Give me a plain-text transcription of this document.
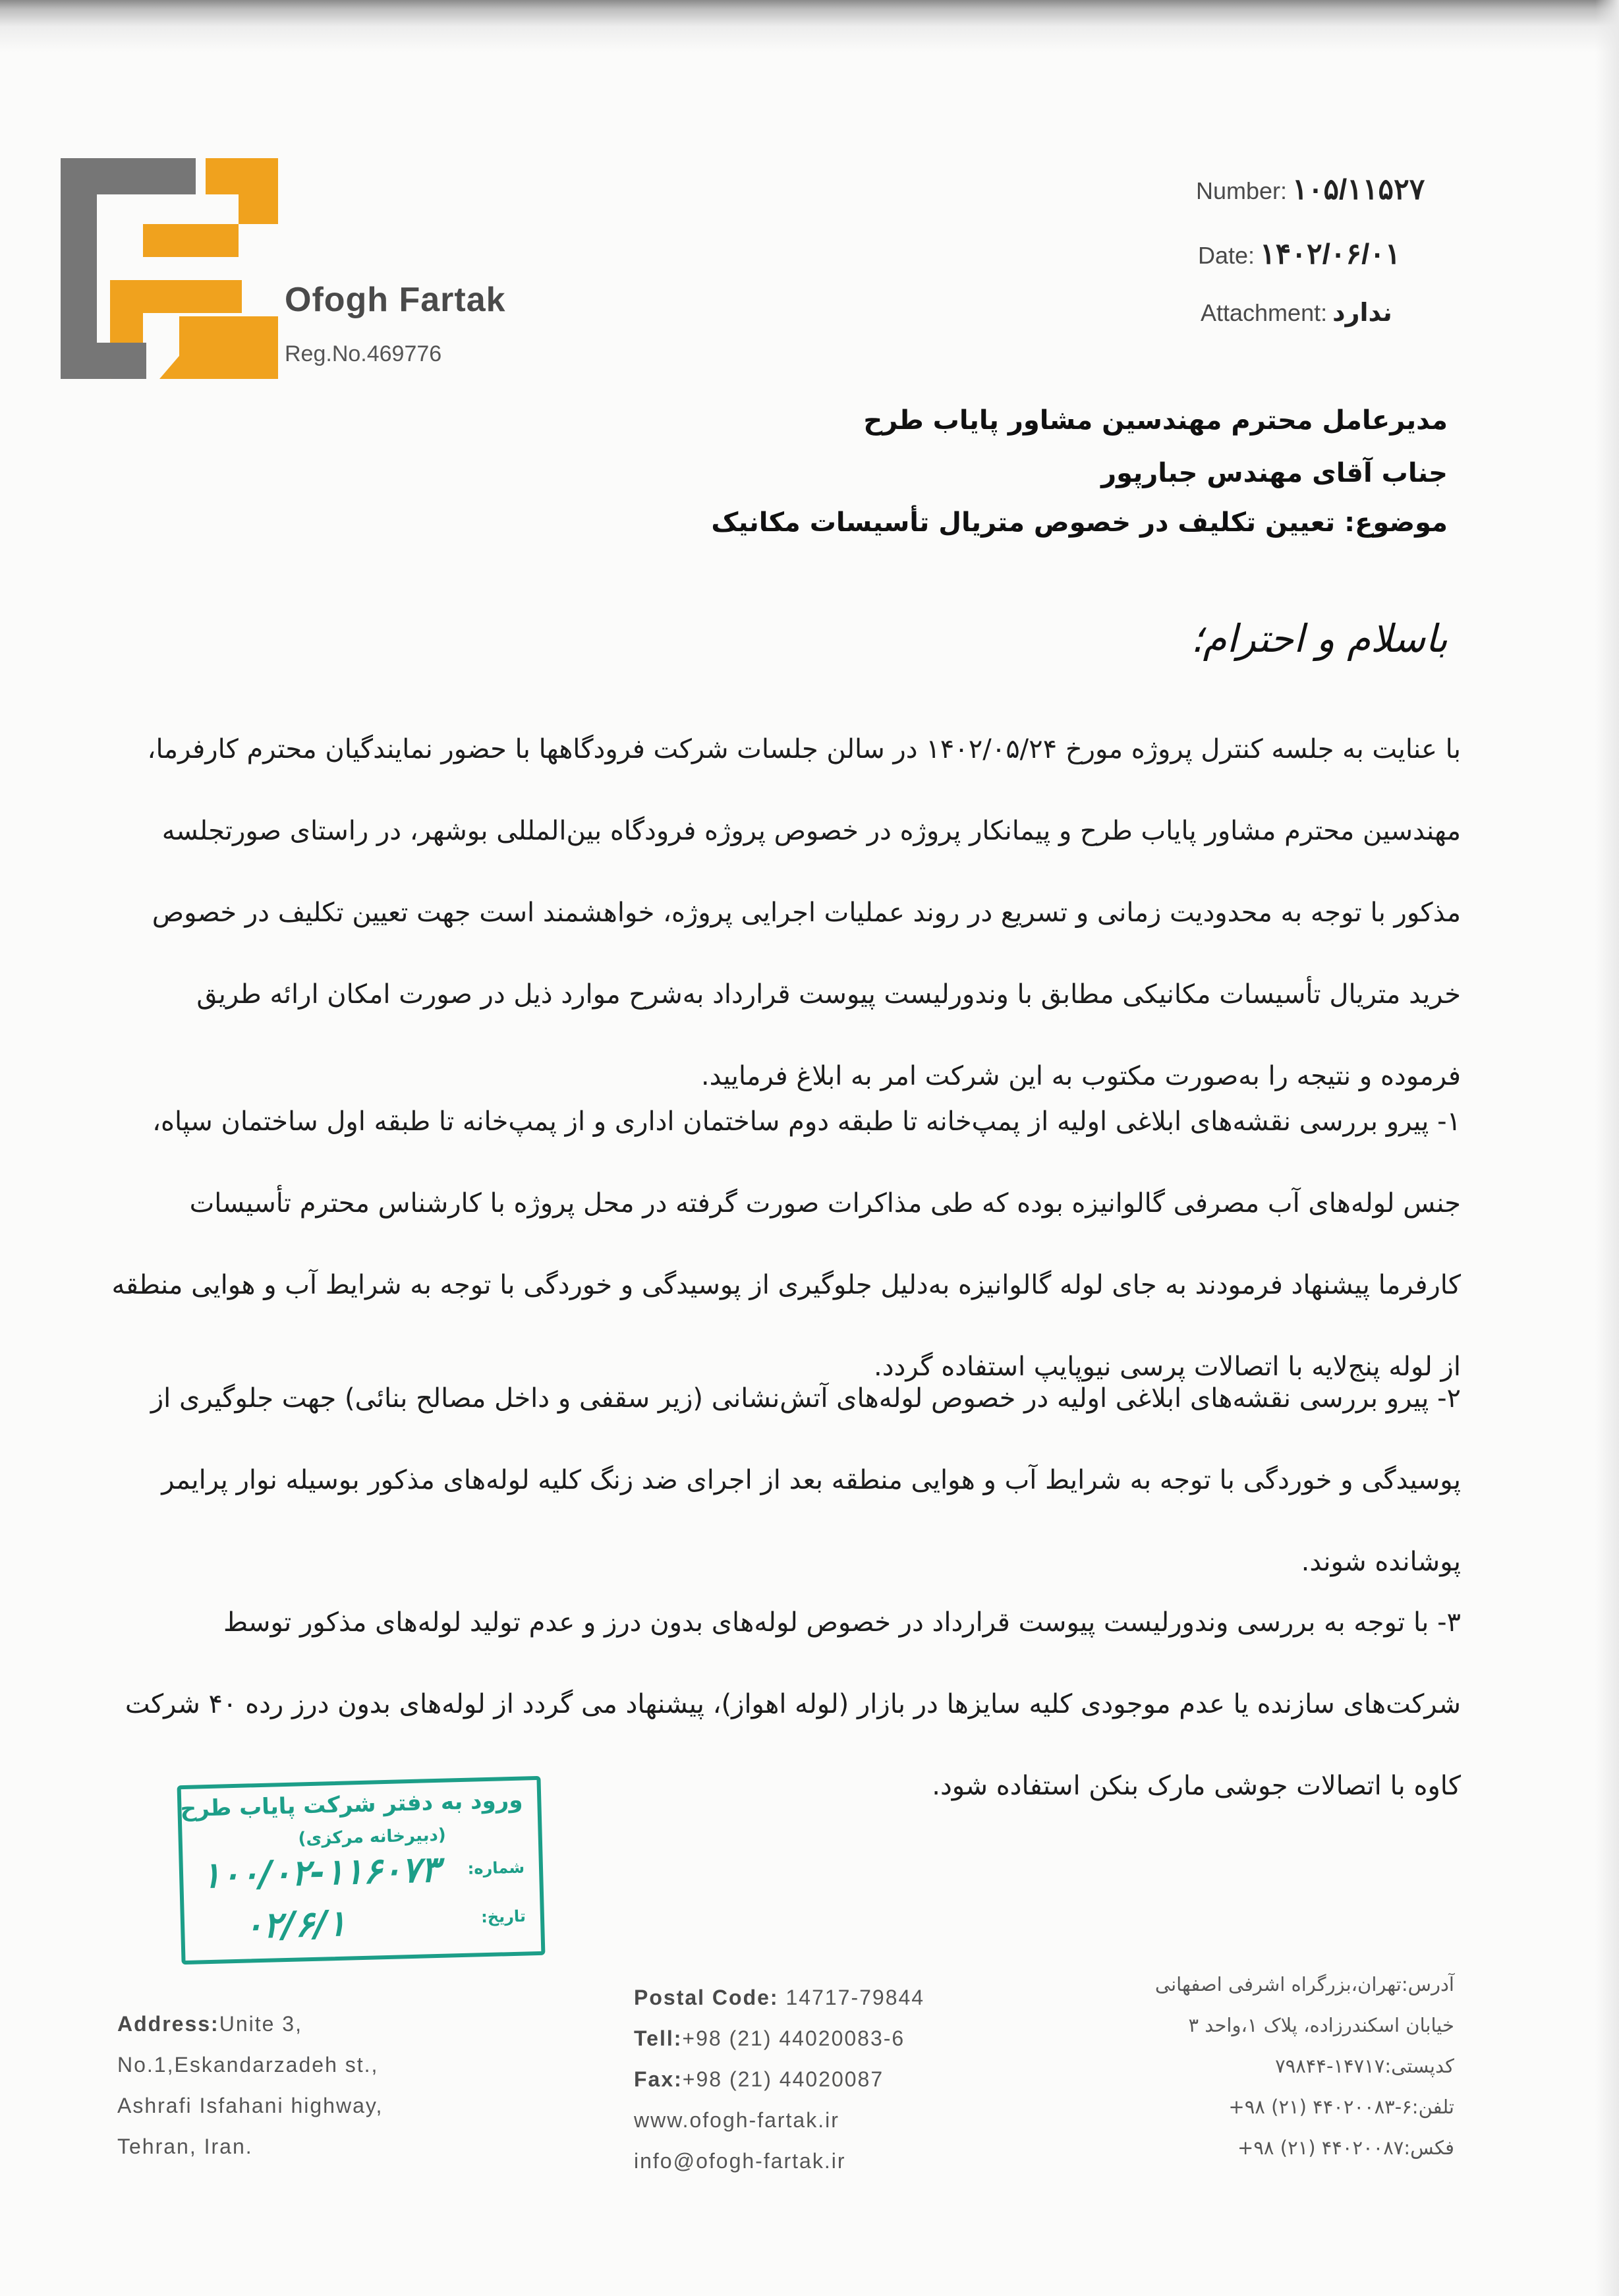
Ofogh Fartak
Reg.No.469776
Number: ۱۰۵/۱۱۵۲۷
Date: ۱۴۰۲/۰۶/۰۱
Attachment: ندارد
مدیرعامل محترم مهندسین مشاور پایاب طرح
جناب آقای مهندس جبارپور
موضوع: تعیین تکلیف در خصوص متریال تأسیسات مکانیک
باسلام و احترام؛
با عنایت به جلسه کنترل پروژه مورخ ۱۴۰۲/۰۵/۲۴ در سالن جلسات شرکت فرودگاهها با حضور نمایندگیان محترم کارفرما، مهندسین محترم مشاور پایاب طرح و پیمانکار پروژه در خصوص پروژه فرودگاه بین‌المللی بوشهر، در راستای صورتجلسه مذکور با توجه به محدودیت زمانی و تسریع در روند عملیات اجرایی پروژه، خواهشمند است جهت تعیین تکلیف در خصوص خرید متریال تأسیسات مکانیکی مطابق با وندورلیست پیوست قرارداد به‌شرح موارد ذیل در صورت امکان ارائه طریق فرموده و نتیجه را به‌صورت مکتوب به این شرکت امر به ابلاغ فرمایید.
۱- پیرو بررسی نقشه‌های ابلاغی اولیه از پمپ‌خانه تا طبقه دوم ساختمان اداری و از پمپ‌خانه تا طبقه اول ساختمان سپاه، جنس لوله‌های آب مصرفی گالوانیزه بوده که طی مذاکرات صورت گرفته در محل پروژه با کارشناس محترم تأسیسات کارفرما پیشنهاد فرمودند به جای لوله گالوانیزه به‌دلیل جلوگیری از پوسیدگی و خوردگی با توجه به شرایط آب و هوایی منطقه از لوله پنج‌لایه با اتصالات پرسی نیوپایپ استفاده گردد.
۲- پیرو بررسی نقشه‌های ابلاغی اولیه در خصوص لوله‌های آتش‌نشانی (زیر سقفی و داخل مصالح بنائی) جهت جلوگیری از پوسیدگی و خوردگی با توجه به شرایط آب و هوایی منطقه بعد از اجرای ضد زنگ کلیه لوله‌های مذکور بوسیله نوار پرایمر پوشانده شوند.
۳- با توجه به بررسی وندورلیست پیوست قرارداد در خصوص لوله‌های بدون درز و عدم تولید لوله‌های مذکور توسط شرکت‌های سازنده یا عدم موجودی کلیه سایزها در بازار (لوله اهواز)، پیشنهاد می گردد از لوله‌های بدون درز رده ۴۰ شرکت کاوه با اتصالات جوشی مارک بنکن استفاده شود.
ورود به دفتر شرکت پایاب طرح
(دبیرخانه مرکزی)
شماره:
۱۰۰/۰۲-۱۱۶۰۷۳
تاریخ:
۰۲/۶/۱
Address:Unite 3,
No.1,Eskandarzadeh st.,
Ashrafi Isfahani highway,
Tehran, Iran.
Postal Code: 14717-79844
Tell:+98 (21) 44020083-6
Fax:+98 (21) 44020087
www.ofogh-fartak.ir
info@ofogh-fartak.ir
آدرس:تهران،بزرگراه اشرفی اصفهانی
خیابان اسکندرزاده، پلاک ۱،واحد ۳
کدپستی:۱۴۷۱۷-۷۹۸۴۴
تلفن:۶-۴۴۰۲۰۰۸۳ (۲۱) ۹۸+
فکس:۴۴۰۲۰۰۸۷ (۲۱) ۹۸+
